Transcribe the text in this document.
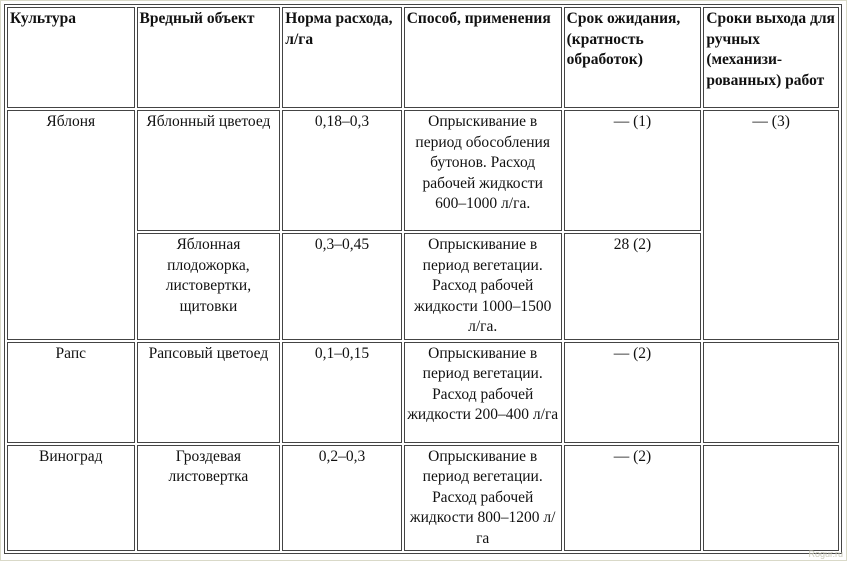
Культура	Вредный объект	Норма расхода, л/га	Способ, применения	Срок ожидания, (кратность обработок)	Сроки выхода для ручных (механизи-рованных) работ
Яблоня	Яблонный цветоед	0,18–0,3	Опрыскивание в период обособления бутонов. Расход рабочей жидкости 600–1000 л/га.	— (1)	— (3)
	Яблонная плодожорка, листовертки, щитовки	0,3–0,45	Опрыскивание в период вегетации. Расход рабочей жидкости 1000–1500 л/га.	28 (2)	
Рапс	Рапсовый цветоед	0,1–0,15	Опрыскивание в период вегетации. Расход рабочей жидкости 200–400 л/га	— (2)	
Виноград	Гроздевая листовертка	0,2–0,3	Опрыскивание в период вегетации. Расход рабочей жидкости 800–1200 л/га	— (2)	
Rogur.ru
